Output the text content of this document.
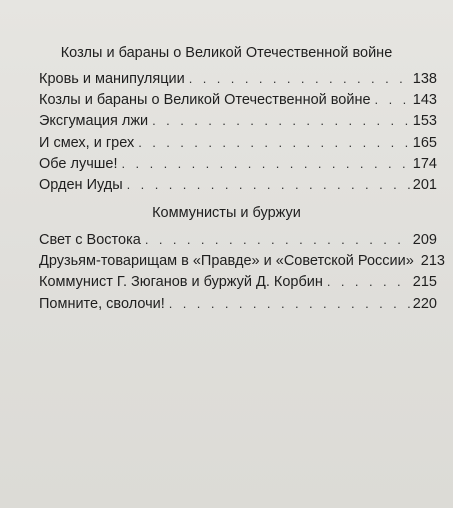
Козлы и бараны о Великой Отечественной войне
Кровь и манипуляции . . .	138
Козлы и бараны о Великой Отечественной войне . . .	143
Эксгумация лжи . . .	153
И смех, и грех . . .	165
Обе лучше! . . .	174
Орден Иуды . . .	201
Коммунисты и буржуи
Свет с Востока . . .	209
Друзьям-товарищам в «Правде» и «Советской России» 213
Коммунист Г. Зюганов и буржуй Д. Корбин . . .	215
Помните, сволочи! . . .	220
